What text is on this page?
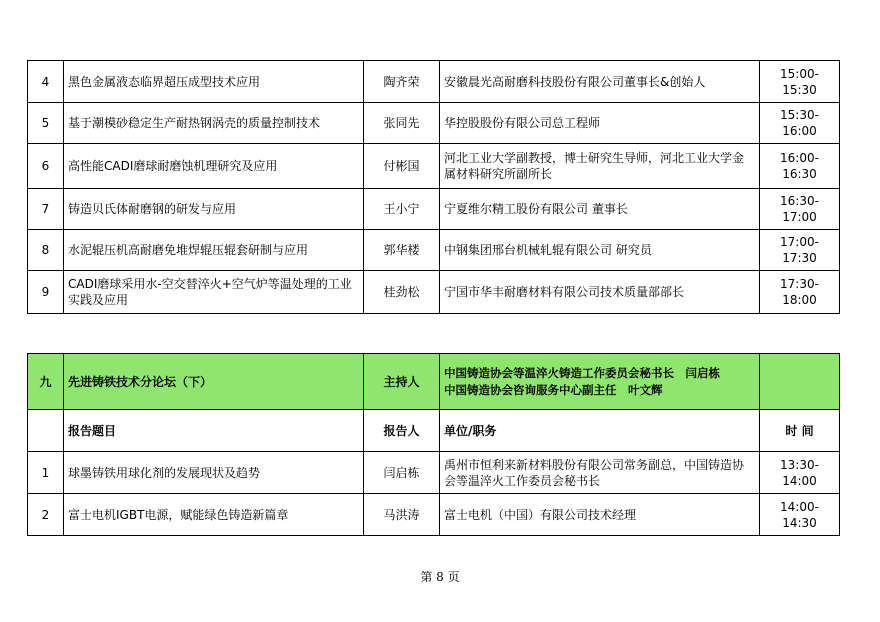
4	黑色金属液态临界超压成型技术应用	陶齐荣	安徽晨光高耐磨科技股份有限公司董事长&创始人	15:00-15:30
5	基于潮模砂稳定生产耐热钢涡壳的质量控制技术	张同先	华控股股份有限公司总工程师	15:30-16:00
6	高性能CADI磨球耐磨蚀机理研究及应用	付彬国	河北工业大学副教授，博士研究生导师，河北工业大学金属材料研究所副所长	16:00-16:30
7	铸造贝氏体耐磨钢的研发与应用	王小宁	宁夏维尔精工股份有限公司 董事长	16:30-17:00
8	水泥辊压机高耐磨免堆焊辊压辊套研制与应用	郭华楼	中钢集团邢台机械轧辊有限公司 研究员	17:00-17:30
9	CADI磨球采用水-空交替淬火+空气炉等温处理的工业实践及应用	桂劲松	宁国市华丰耐磨材料有限公司技术质量部部长	17:30-18:00
九	先进铸铁技术分论坛（下）	主持人	中国铸造协会等温淬火铸造工作委员会秘书长　闫启栋
中国铸造协会咨询服务中心副主任　叶文辉	

	报告题目	报告人	单位/职务	时 间
1	球墨铸铁用球化剂的发展现状及趋势	闫启栋	禹州市恒利来新材料股份有限公司常务副总，中国铸造协会等温淬火工作委员会秘书长	13:30-14:00
2	富士电机IGBT电源，赋能绿色铸造新篇章	马洪涛	富士电机（中国）有限公司技术经理	14:00-14:30
第 8 页
